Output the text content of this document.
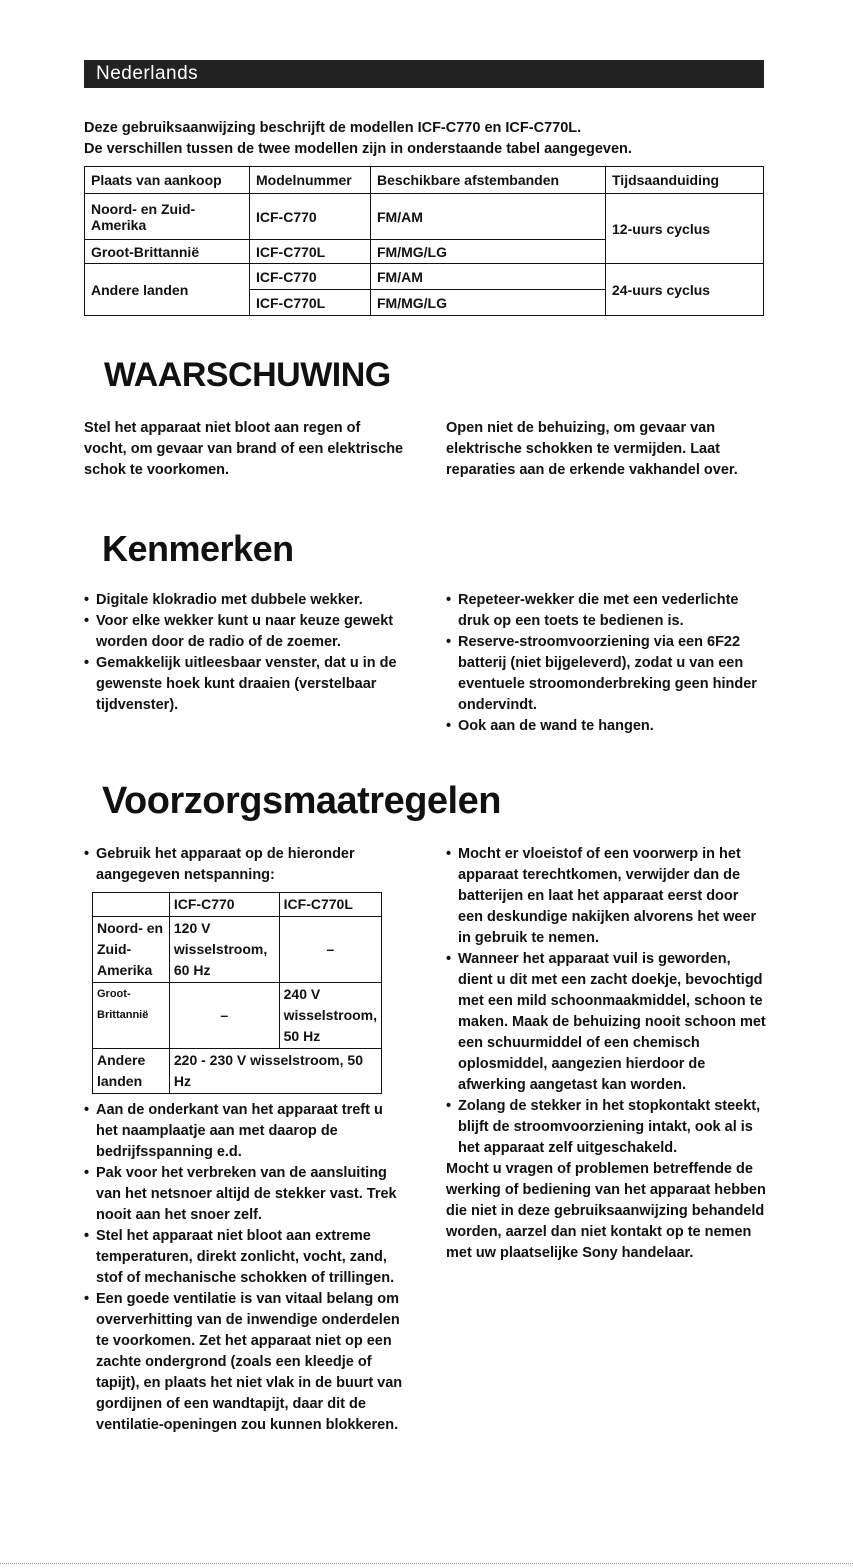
Nederlands
Deze gebruiksaanwijzing beschrijft de modellen ICF-C770 en ICF-C770L.
De verschillen tussen de twee modellen zijn in onderstaande tabel aangegeven.
Plaats van aankoop	Modelnummer	Beschikbare afstembanden	Tijdsaanduiding
Noord- en Zuid-Amerika	ICF-C770	FM/AM	12-uurs cyclus
Groot-Brittannië	ICF-C770L	FM/MG/LG	
Andere landen	ICF-C770	FM/AM	24-uurs cyclus
	ICF-C770L	FM/MG/LG	
WAARSCHUWING

Stel het apparaat niet bloot aan regen of vocht, om gevaar van brand of een elektrische schok te voorkomen.

Open niet de behuizing, om gevaar van elektrische schokken te vermijden. Laat reparaties aan de erkende vakhandel over.

Kenmerken
• Digitale klokradio met dubbele wekker.
• Voor elke wekker kunt u naar keuze gewekt worden door de radio of de zoemer.
• Gemakkelijk uitleesbaar venster, dat u in de gewenste hoek kunt draaien (verstelbaar tijdvenster).
• Repeteer-wekker die met een vederlichte druk op een toets te bedienen is.
• Reserve-stroomvoorziening via een 6F22 batterij (niet bijgeleverd), zodat u van een eventuele stroomonderbreking geen hinder ondervindt.
• Ook aan de wand te hangen.
Voorzorgsmaatregelen
• Gebruik het apparaat op de hieronder aangegeven netspanning:
	ICF-C770	ICF-C770L
Noord- en Zuid- Amerika	120 V wisselstroom, 60 Hz	–
Groot- Brittannië	–	240 V wisselstroom, 50 Hz
Andere landen	220 - 230 V wisselstroom, 50 Hz	
• Aan de onderkant van het apparaat treft u het naamplaatje aan met daarop de bedrijfsspanning e.d.
• Pak voor het verbreken van de aansluiting van het netsnoer altijd de stekker vast. Trek nooit aan het snoer zelf.
• Stel het apparaat niet bloot aan extreme temperaturen, direkt zonlicht, vocht, zand, stof of mechanische schokken of trillingen.
• Een goede ventilatie is van vitaal belang om oververhitting van de inwendige onderdelen te voorkomen. Zet het apparaat niet op een zachte ondergrond (zoals een kleedje of tapijt), en plaats het niet vlak in de buurt van gordijnen of een wandtapijt, daar dit de ventilatie-openingen zou kunnen blokkeren.
• Mocht er vloeistof of een voorwerp in het apparaat terechtkomen, verwijder dan de batterijen en laat het apparaat eerst door een deskundige nakijken alvorens het weer in gebruik te nemen.
• Wanneer het apparaat vuil is geworden, dient u dit met een zacht doekje, bevochtigd met een mild schoonmaakmiddel, schoon te maken. Maak de behuizing nooit schoon met een schuurmiddel of een chemisch oplosmiddel, aangezien hierdoor de afwerking aangetast kan worden.
• Zolang de stekker in het stopkontakt steekt, blijft de stroomvoorziening intakt, ook al is het apparaat zelf uitgeschakeld.

Mocht u vragen of problemen betreffende de werking of bediening van het apparaat hebben die niet in deze gebruiksaanwijzing behandeld worden, aarzel dan niet kontakt op te nemen met uw plaatselijke Sony handelaar.
